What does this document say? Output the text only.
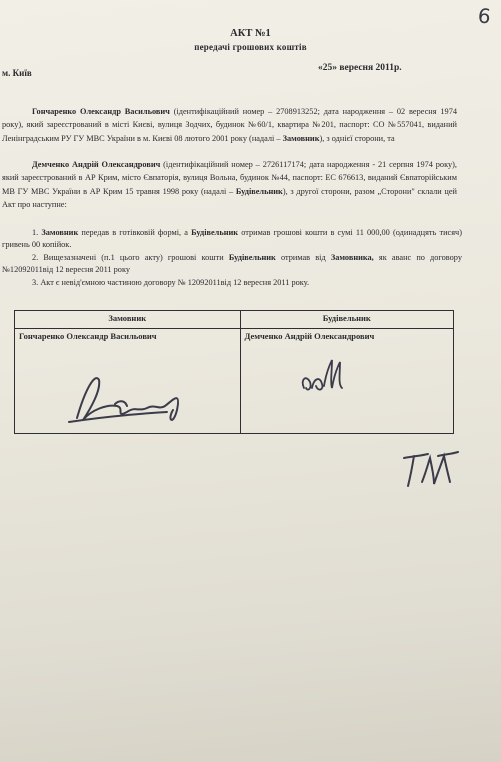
6
АКТ №1
передачі грошових коштів
м. Київ	«25» вересня 2011р.
Гончаренко Олександр Васильович (ідентифікаційний номер – 2708913252; дата народження – 02 вересня 1974 року), який зареєстрований в місті Києві, вулиця Зодчих, будинок №60/1, квартира №201, паспорт: СО №557041, виданий Ленінградським РУ ГУ МВС України в м. Києві 08 лютого 2001 року (надалі – Замовник), з однієї сторони, та
Демченко Андрій Олександрович (ідентифікаційний номер – 2726117174; дата народження - 21 серпня 1974 року), який зареєстрований в АР Крим, місто Євпаторія, вулиця Вольна, будинок №44, паспорт: ЕС 676613, виданий Євпаторійським МВ ГУ МВС України в АР Крим 15 травня 1998 року (надалі – Будівельник), з другої сторони, разом „Сторони" склали цей Акт про наступне:
1. Замовник передав в готівковій формі, а Будівельник отримав грошові кошти в сумі 11 000,00 (одинадцять тисяч) гривень 00 копійок.
2. Вищезазначені (п.1 цього акту) грошові кошти Будівельник отримав від Замовника, як аванс по договору №12092011від 12 вересня 2011 року
3. Акт є невід'ємною частиною договору № 12092011від 12 вересня 2011 року.
Замовник	Будівельник
Гончаренко Олександр Васильович	Демченко Андрій Олександрович
